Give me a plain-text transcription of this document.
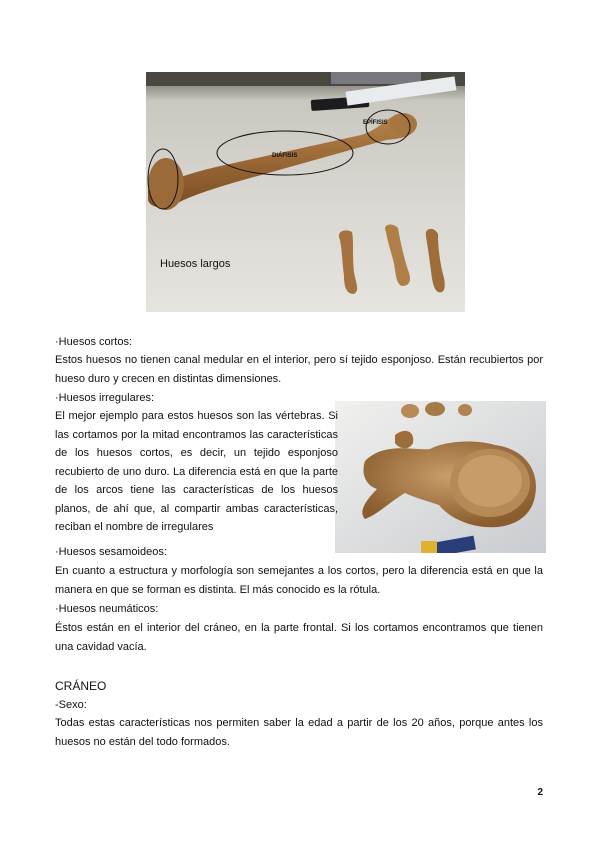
DIÁFISIS
EPÍFISIS
Huesos largos
·Huesos cortos:
Estos huesos no tienen canal medular en el interior, pero sí tejido esponjoso. Están recubiertos por hueso duro y crecen en distintas dimensiones.
·Huesos irregulares:
El mejor ejemplo para estos huesos son las vértebras. Si las cortamos por la mitad encontramos las características de los huesos cortos, es decir, un tejido esponjoso recubierto de uno duro. La diferencia está en que la parte de los arcos tiene las características de los huesos planos, de ahí que, al compartir ambas características, reciban el nombre de irregulares
·Huesos sesamoideos:
En cuanto a estructura y morfología son semejantes a los cortos, pero la diferencia está en que la manera en que se forman es distinta. El más conocido es la rótula.
·Huesos neumáticos:
Éstos están en el interior del cráneo, en la parte frontal. Si los cortamos encontramos que tienen una cavidad vacía.
CRÁNEO
-Sexo:
Todas estas características nos permiten saber la edad a partir de los 20 años, porque antes los huesos no están del todo formados.
2
